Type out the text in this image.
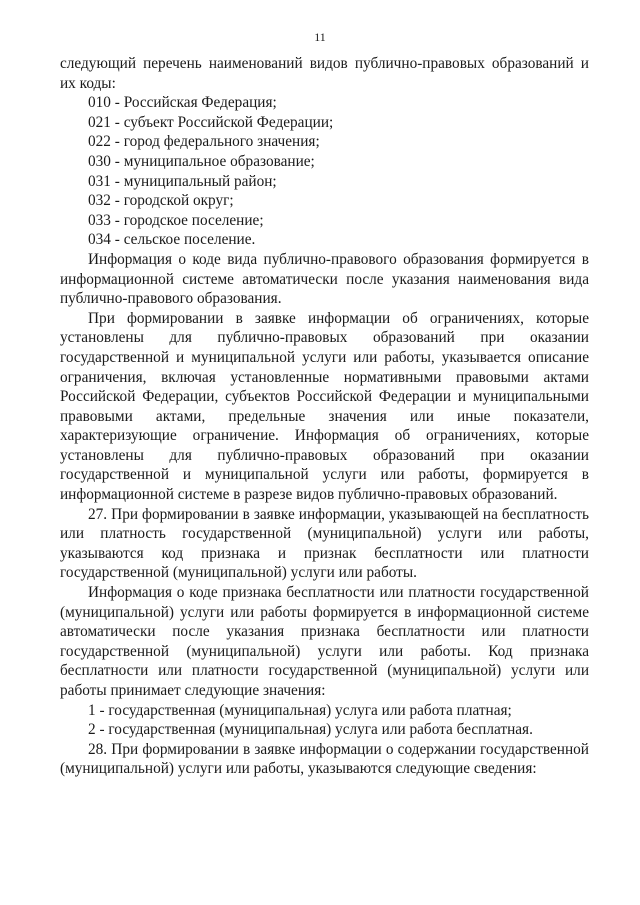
11

следующий перечень наименований видов публично-правовых образований и их коды:

010 - Российская Федерация;
021 - субъект Российской Федерации;
022 - город федерального значения;
030 - муниципальное образование;
031 - муниципальный район;
032 - городской округ;
033 - городское поселение;
034 - сельское поселение.

Информация о коде вида публично-правового образования формируется в информационной системе автоматически после указания наименования вида публично-правового образования.

При формировании в заявке информации об ограничениях, которые установлены для публично-правовых образований при оказании государственной и муниципальной услуги или работы, указывается описание ограничения, включая установленные нормативными правовыми актами Российской Федерации, субъектов Российской Федерации и муниципальными правовыми актами, предельные значения или иные показатели, характеризующие ограничение. Информация об ограничениях, которые установлены для публично-правовых образований при оказании государственной и муниципальной услуги или работы, формируется в информационной системе в разрезе видов публично-правовых образований.

27. При формировании в заявке информации, указывающей на бесплатность или платность государственной (муниципальной) услуги или работы, указываются код признака и признак бесплатности или платности государственной (муниципальной) услуги или работы.

Информация о коде признака бесплатности или платности государственной (муниципальной) услуги или работы формируется в информационной системе автоматически после указания признака бесплатности или платности государственной (муниципальной) услуги или работы. Код признака бесплатности или платности государственной (муниципальной) услуги или работы принимает следующие значения:

1 - государственная (муниципальная) услуга или работа платная;
2 - государственная (муниципальная) услуга или работа бесплатная.

28. При формировании в заявке информации о содержании государственной (муниципальной) услуги или работы, указываются следующие сведения:
